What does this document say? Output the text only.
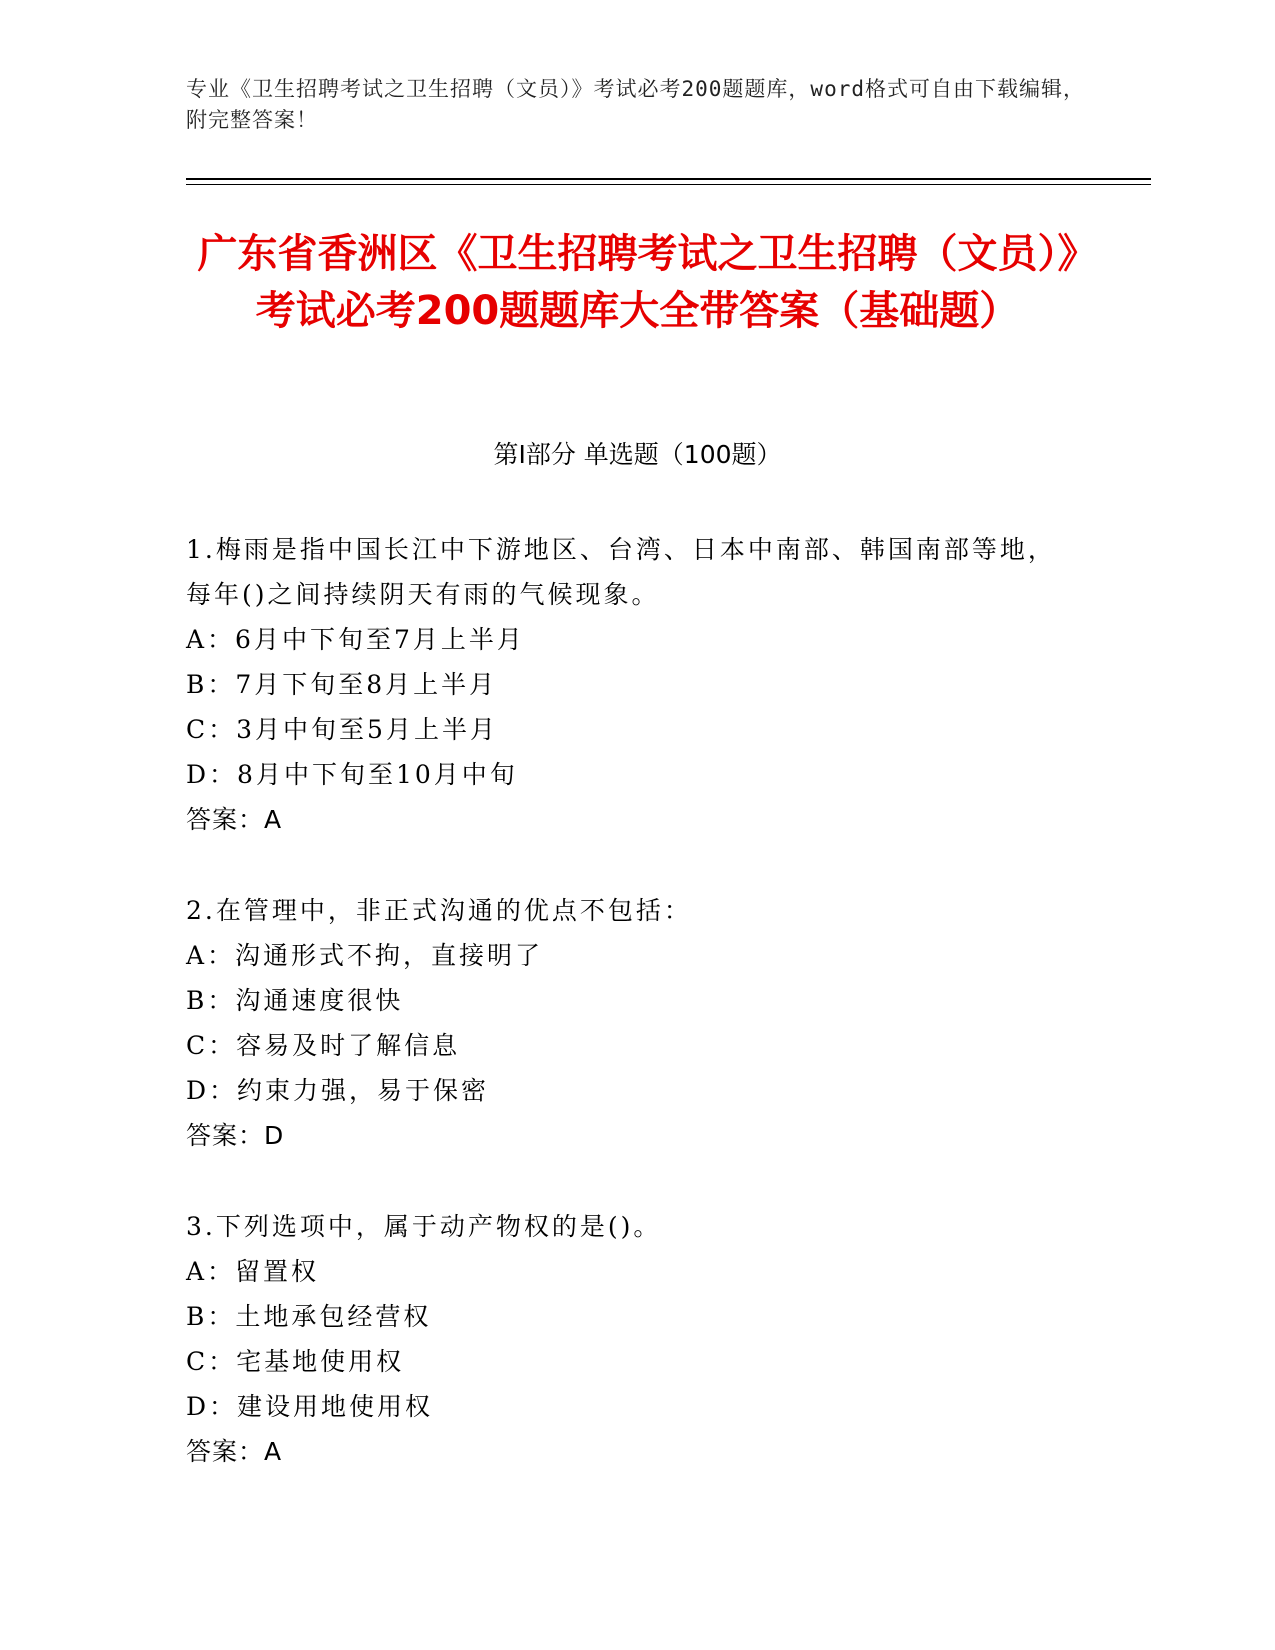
专业《卫生招聘考试之卫生招聘（文员）》考试必考200题题库，word格式可自由下载编辑，附完整答案！
广东省香洲区《卫生招聘考试之卫生招聘（文员）》考试必考200题题库大全带答案（基础题）
第I部分 单选题（100题）
1.梅雨是指中国长江中下游地区、台湾、日本中南部、韩国南部等地，每年()之间持续阴天有雨的气候现象。
A：6月中下旬至7月上半月
B：7月下旬至8月上半月
C：3月中旬至5月上半月
D：8月中下旬至10月中旬
答案：A
2.在管理中，非正式沟通的优点不包括：
A：沟通形式不拘，直接明了
B：沟通速度很快
C：容易及时了解信息
D：约束力强，易于保密
答案：D
3.下列选项中，属于动产物权的是()。
A：留置权
B：土地承包经营权
C：宅基地使用权
D：建设用地使用权
答案：A
